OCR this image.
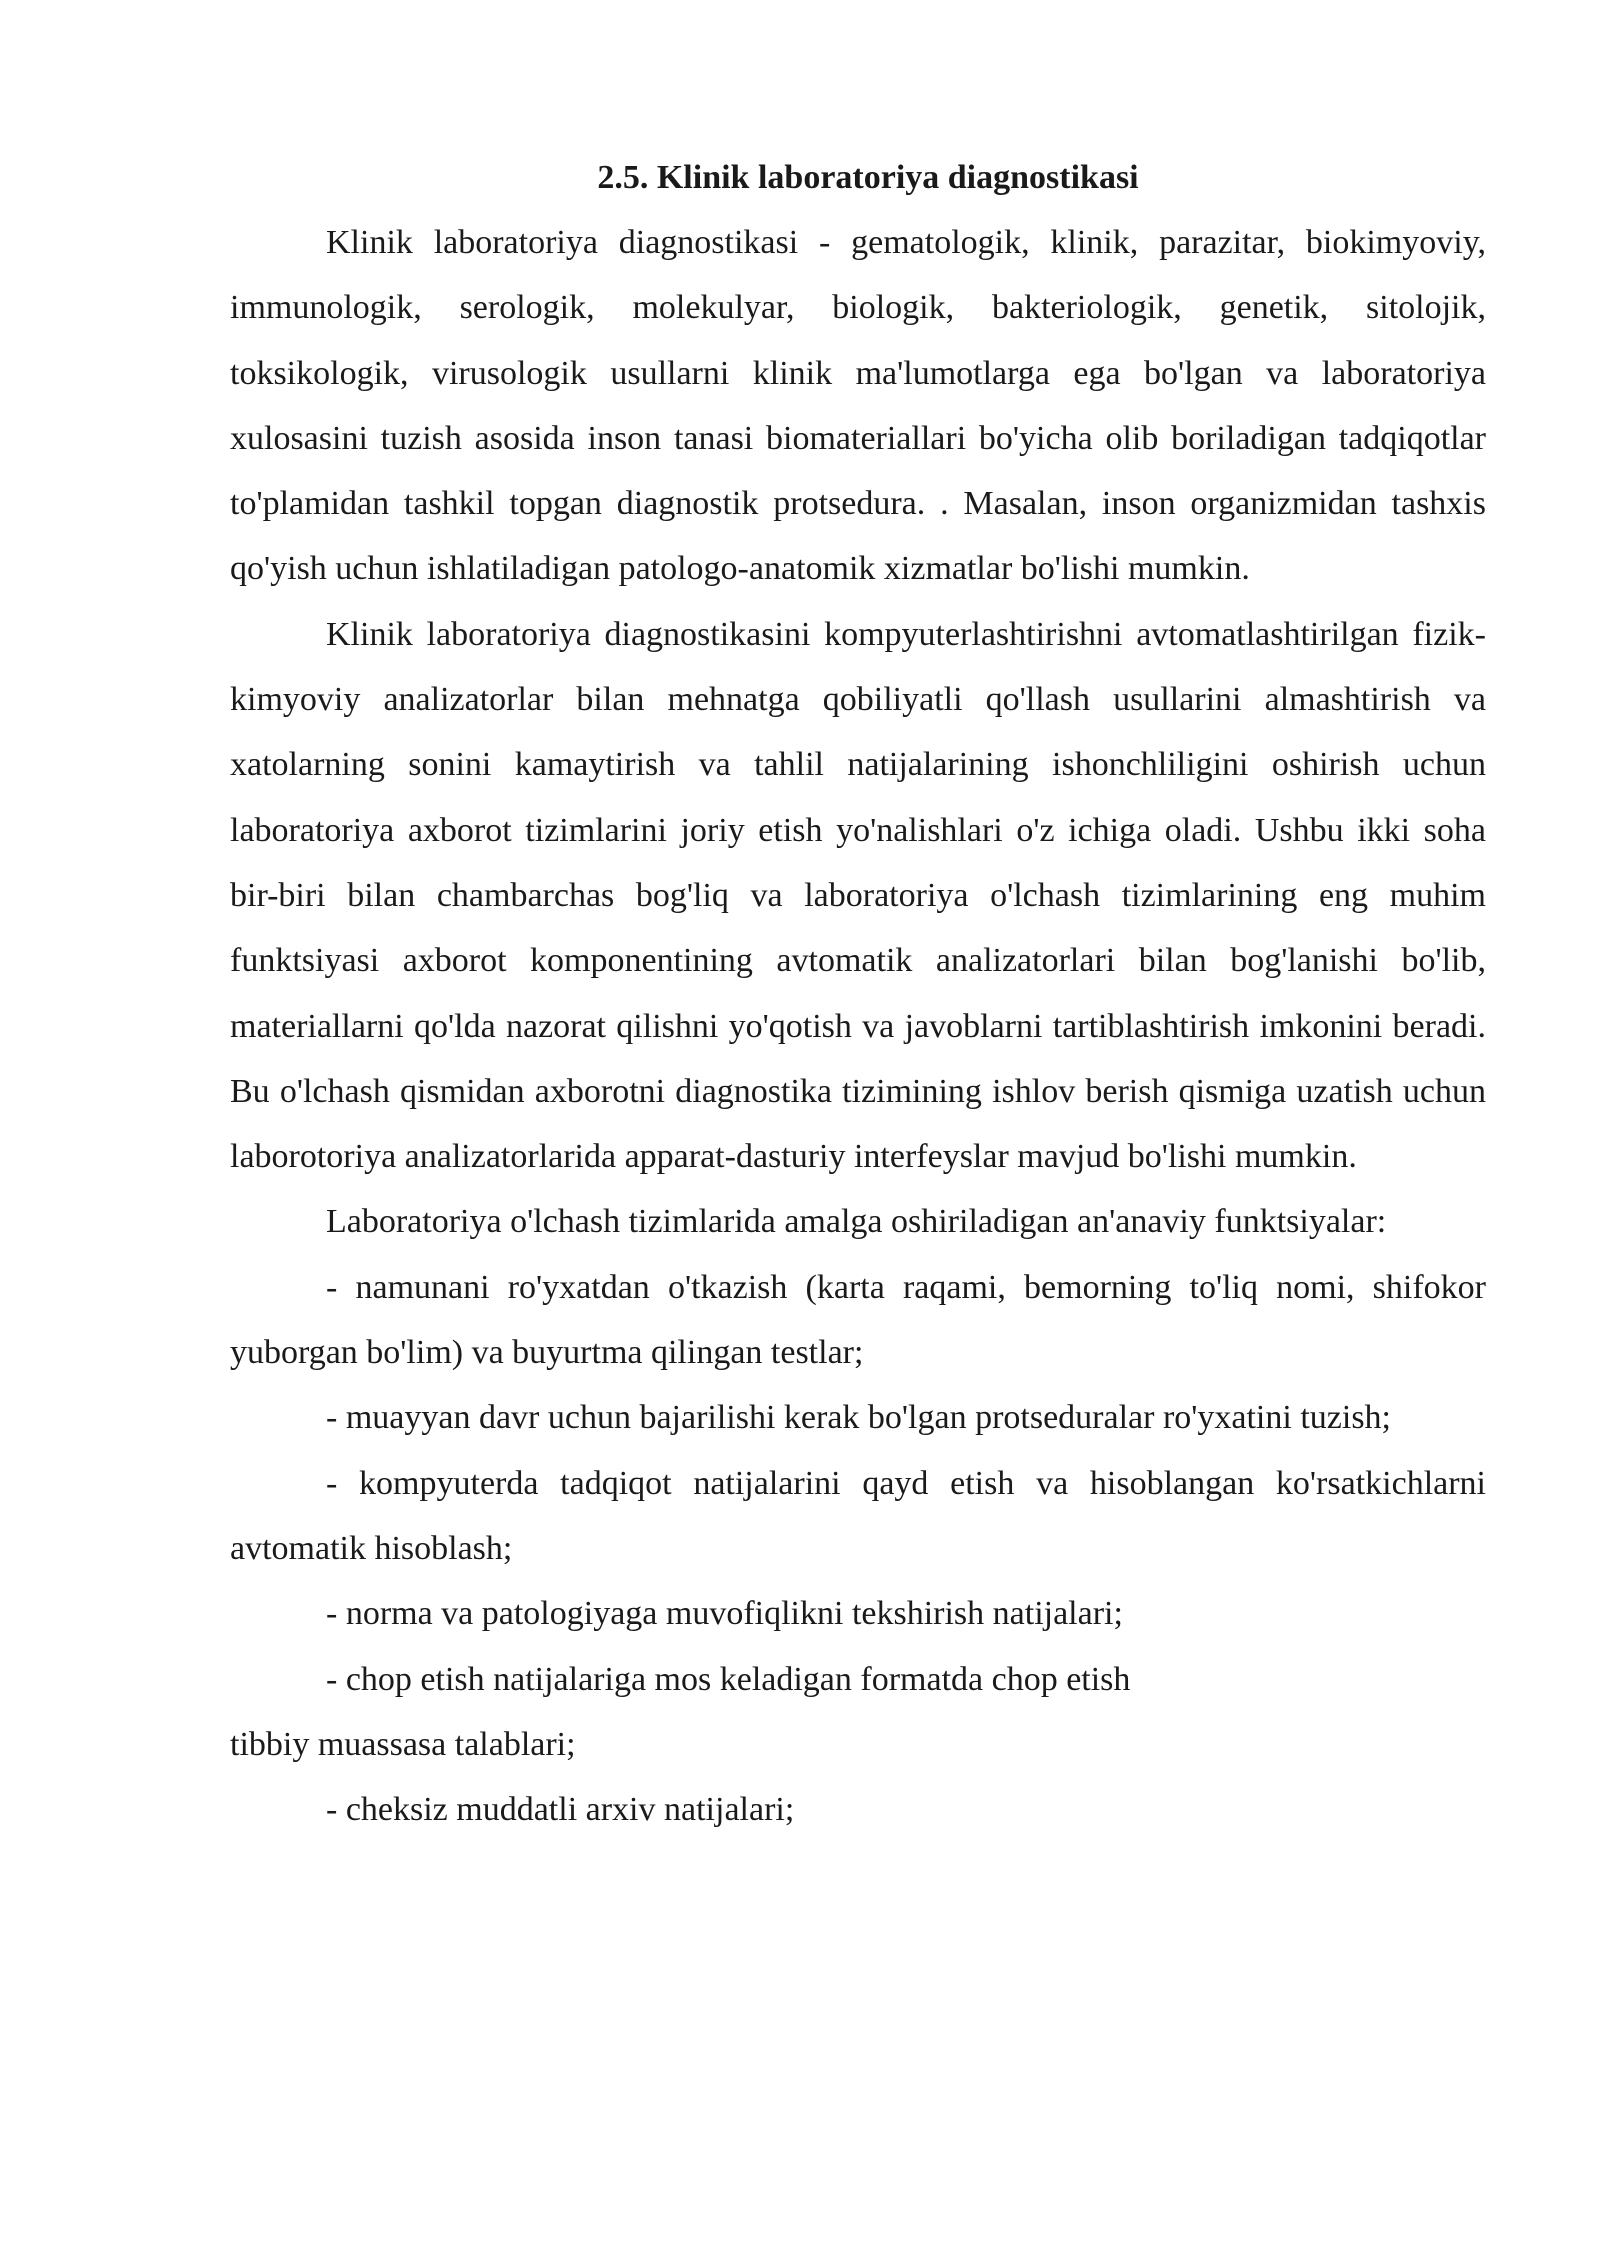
2.5. Klinik laboratoriya diagnostikasi

Klinik laboratoriya diagnostikasi - gematologik, klinik, parazitar, biokimyoviy, immunologik, serologik, molekulyar, biologik, bakteriologik, genetik, sitolojik, toksikologik, virusologik usullarni klinik ma'lumotlarga ega bo'lgan va laboratoriya xulosasini tuzish asosida inson tanasi biomateriallari bo'yicha olib boriladigan tadqiqotlar to'plamidan tashkil topgan diagnostik protsedura. . Masalan, inson organizmidan tashxis qo'yish uchun ishlatiladigan patologo-anatomik xizmatlar bo'lishi mumkin.

Klinik laboratoriya diagnostikasini kompyuterlashtirishni avtomatlashtirilgan fizik-kimyoviy analizatorlar bilan mehnatga qobiliyatli qo'llash usullarini almashtirish va xatolarning sonini kamaytirish va tahlil natijalarining ishonchliligini oshirish uchun laboratoriya axborot tizimlarini joriy etish yo'nalishlari o'z ichiga oladi. Ushbu ikki soha bir-biri bilan chambarchas bog'liq va laboratoriya o'lchash tizimlarining eng muhim funktsiyasi axborot komponentining avtomatik analizatorlari bilan bog'lanishi bo'lib, materiallarni qo'lda nazorat qilishni yo'qotish va javoblarni tartiblashtirish imkonini beradi. Bu o'lchash qismidan axborotni diagnostika tizimining ishlov berish qismiga uzatish uchun laborotoriya analizatorlarida apparat-dasturiy interfeyslar mavjud bo'lishi mumkin.

Laboratoriya o'lchash tizimlarida amalga oshiriladigan an'anaviy funktsiyalar:

- namunani ro'yxatdan o'tkazish (karta raqami, bemorning to'liq nomi, shifokor yuborgan bo'lim) va buyurtma qilingan testlar;

- muayyan davr uchun bajarilishi kerak bo'lgan protseduralar ro'yxatini tuzish;

- kompyuterda tadqiqot natijalarini qayd etish va hisoblangan ko'rsatkichlarni avtomatik hisoblash;

- norma va patologiyaga muvofiqlikni tekshirish natijalari;

- chop etish natijalariga mos keladigan formatda chop etish
tibbiy muassasa talablari;

- cheksiz muddatli arxiv natijalari;
